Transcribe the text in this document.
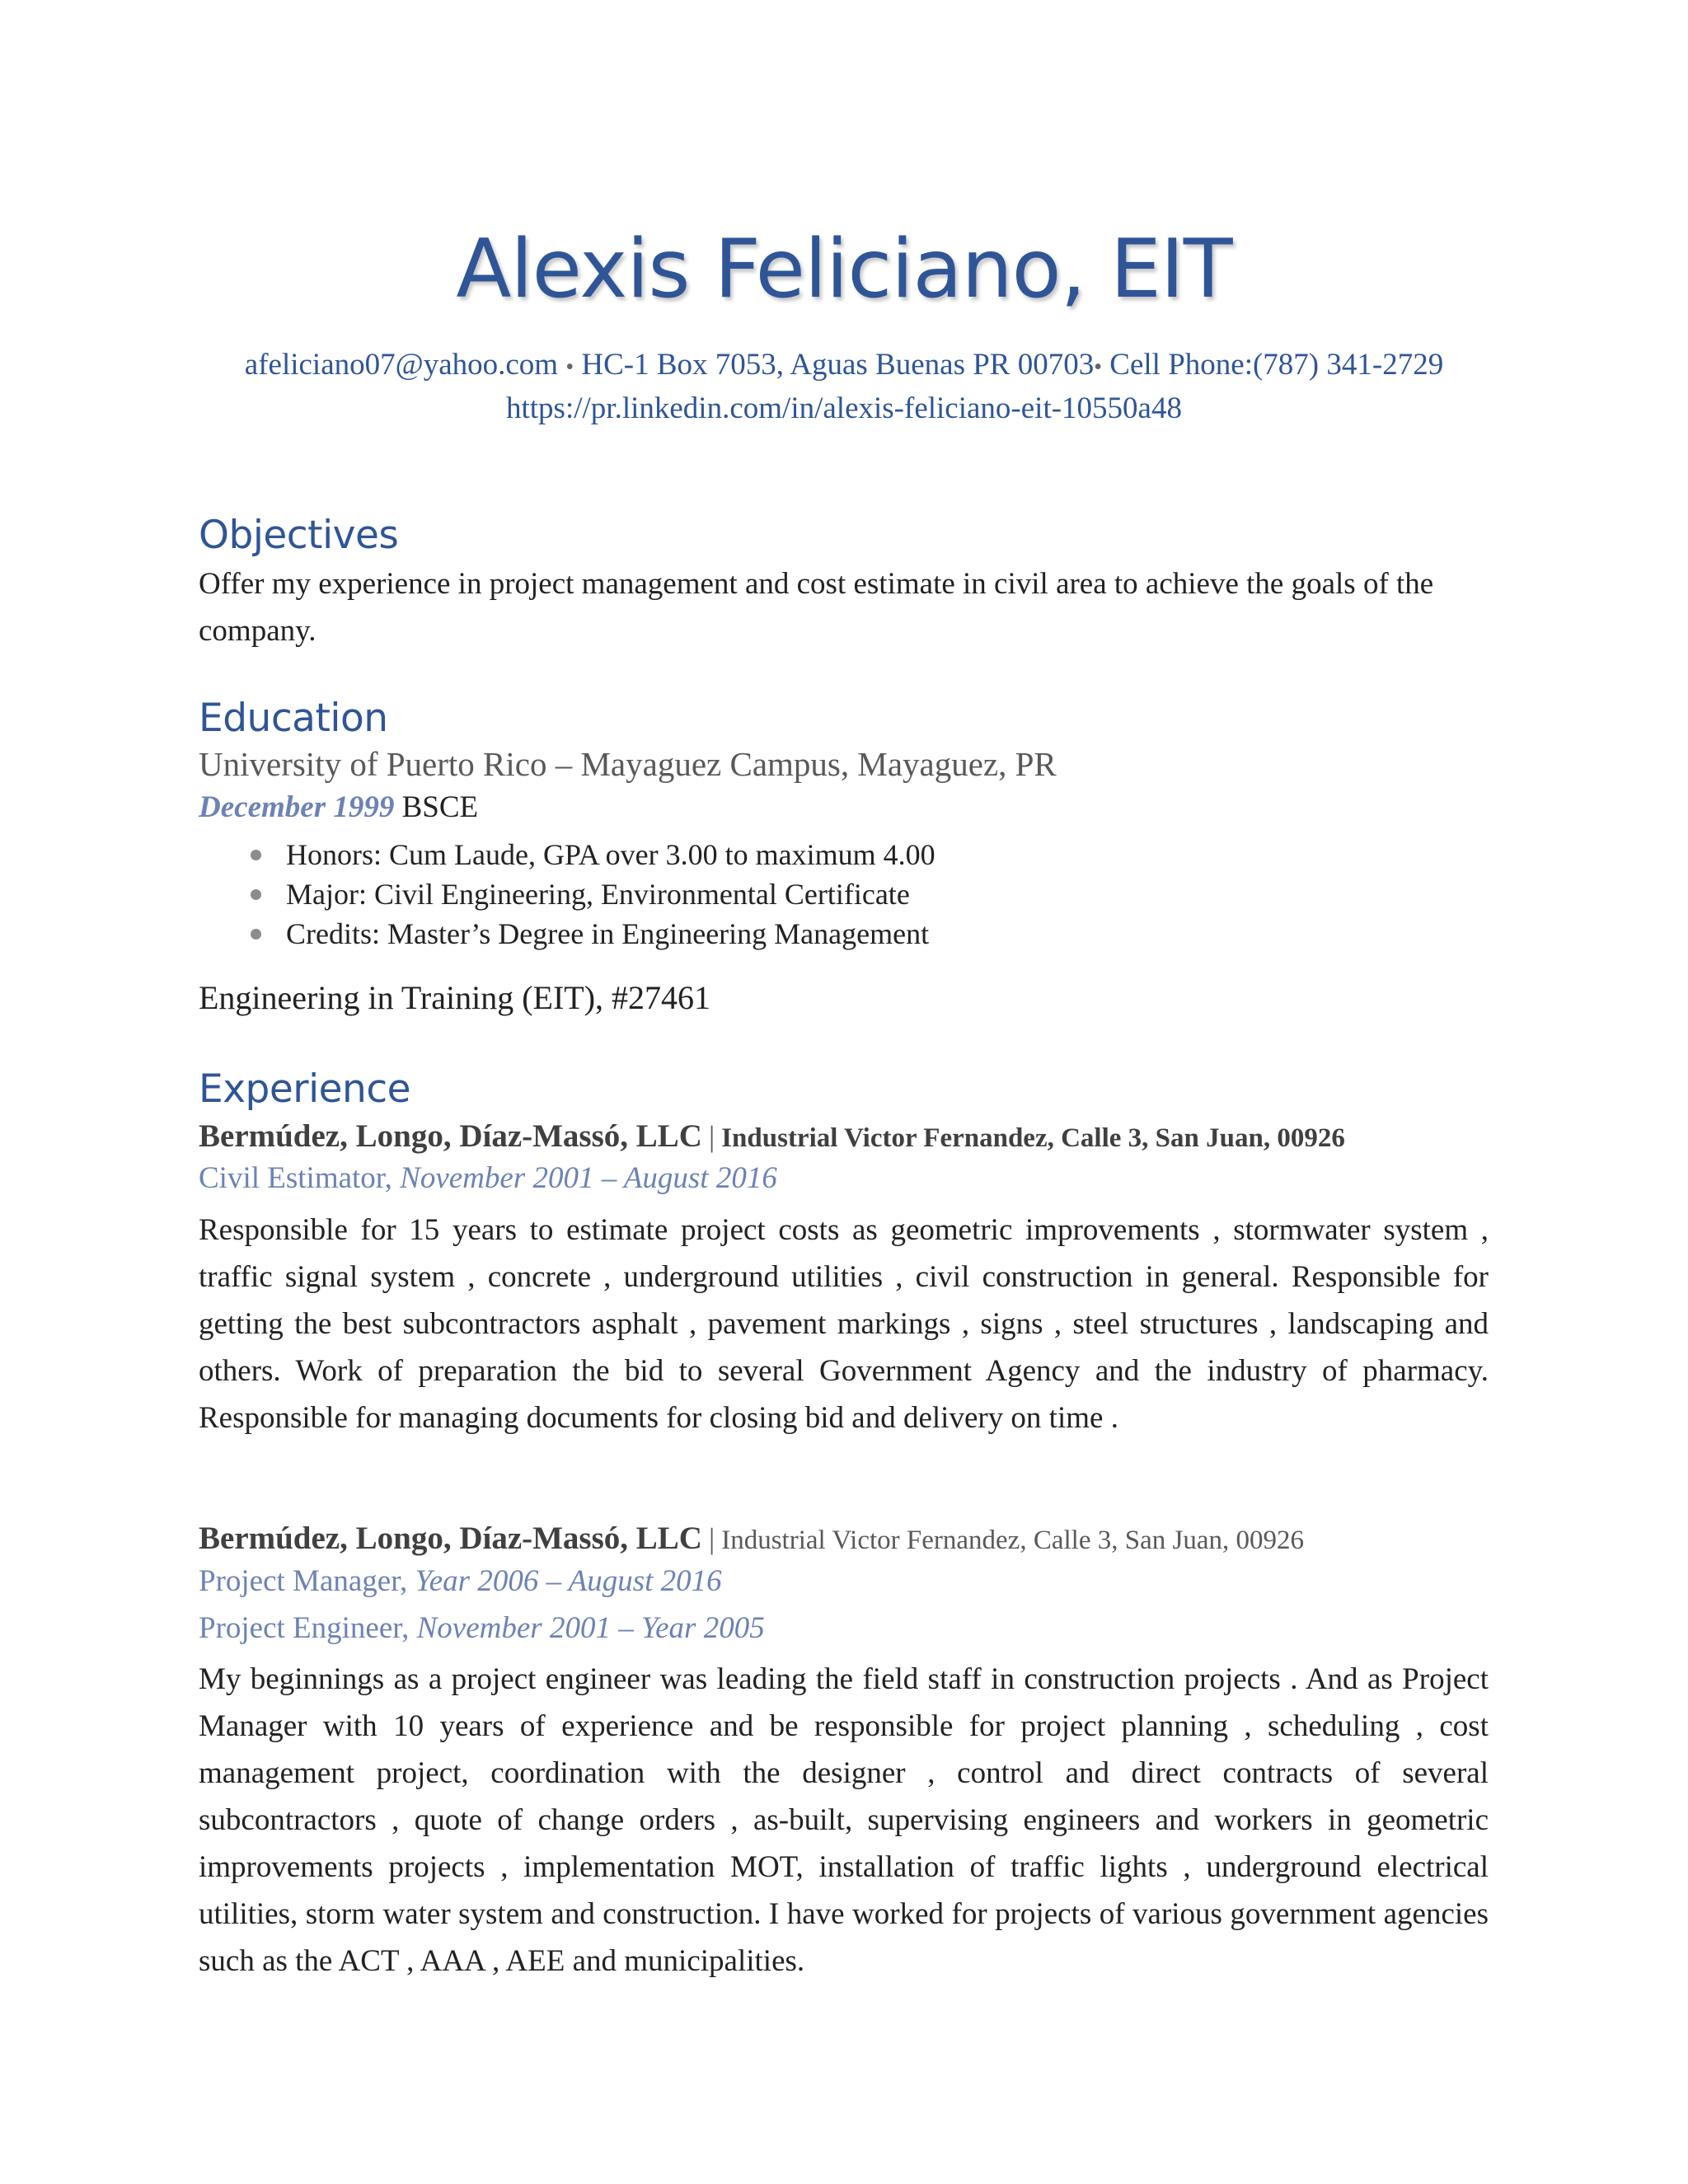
Alexis Feliciano, EIT
afeliciano07@yahoo.com • HC-1 Box 7053, Aguas Buenas PR 00703• Cell Phone:(787) 341-2729
https://pr.linkedin.com/in/alexis-feliciano-eit-10550a48
Objectives
Offer my experience in project management and cost estimate in civil area to achieve the goals of the company.
Education
University of Puerto Rico – Mayaguez Campus, Mayaguez, PR
December 1999 BSCE
Honors: Cum Laude, GPA over 3.00 to maximum 4.00
Major: Civil Engineering, Environmental Certificate
Credits: Master’s Degree in Engineering Management
Engineering in Training (EIT), #27461
Experience
Bermúdez, Longo, Díaz-Massó, LLC | Industrial Victor Fernandez, Calle 3, San Juan, 00926
Civil Estimator, November 2001 – August 2016
Responsible for 15 years to estimate project costs as geometric improvements , stormwater system , traffic signal system , concrete , underground utilities , civil construction in general. Responsible for getting the best subcontractors asphalt , pavement markings , signs , steel structures , landscaping and others. Work of preparation the bid to several Government Agency and the industry of pharmacy. Responsible for managing documents for closing bid and delivery on time .
Bermúdez, Longo, Díaz-Massó, LLC | Industrial Victor Fernandez, Calle 3, San Juan, 00926
Project Manager, Year 2006 – August 2016
Project Engineer, November 2001 – Year 2005
My beginnings as a project engineer was leading the field staff in construction projects . And as Project Manager with 10 years of experience and be responsible for project planning , scheduling , cost management project, coordination with the designer , control and direct contracts of several subcontractors , quote of change orders , as-built, supervising engineers and workers in geometric improvements projects , implementation MOT, installation of traffic lights , underground electrical utilities, storm water system and construction. I have worked for projects of various government agencies such as the ACT , AAA , AEE and municipalities.
